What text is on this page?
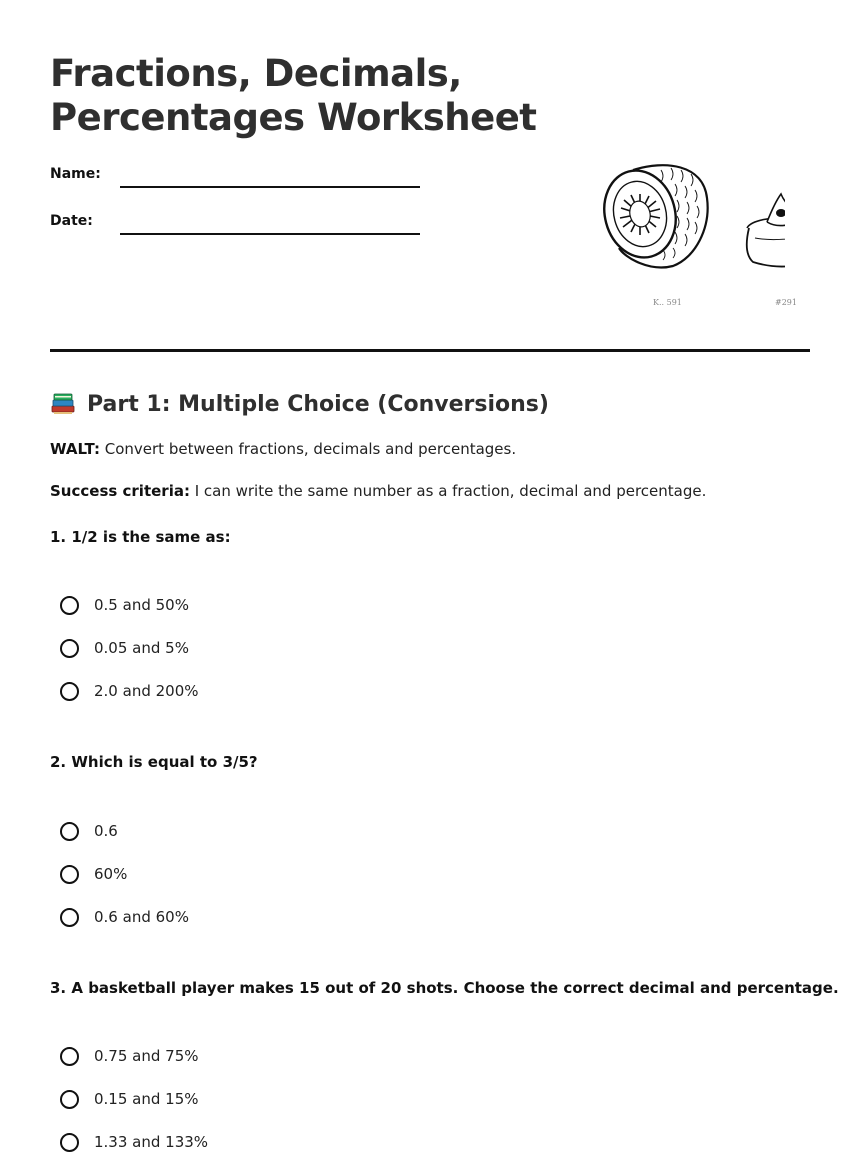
Fractions, Decimals,
Percentages Worksheet
Name:
Date:
K.. 591	#291
Part 1: Multiple Choice (Conversions)
WALT: Convert between fractions, decimals and percentages.
Success criteria: I can write the same number as a fraction, decimal and percentage.
1. 1/2 is the same as:
0.5 and 50%
0.05 and 5%
2.0 and 200%
2. Which is equal to 3/5?
0.6
60%
0.6 and 60%
3. A basketball player makes 15 out of 20 shots. Choose the correct decimal and percentage.
0.75 and 75%
0.15 and 15%
1.33 and 133%
